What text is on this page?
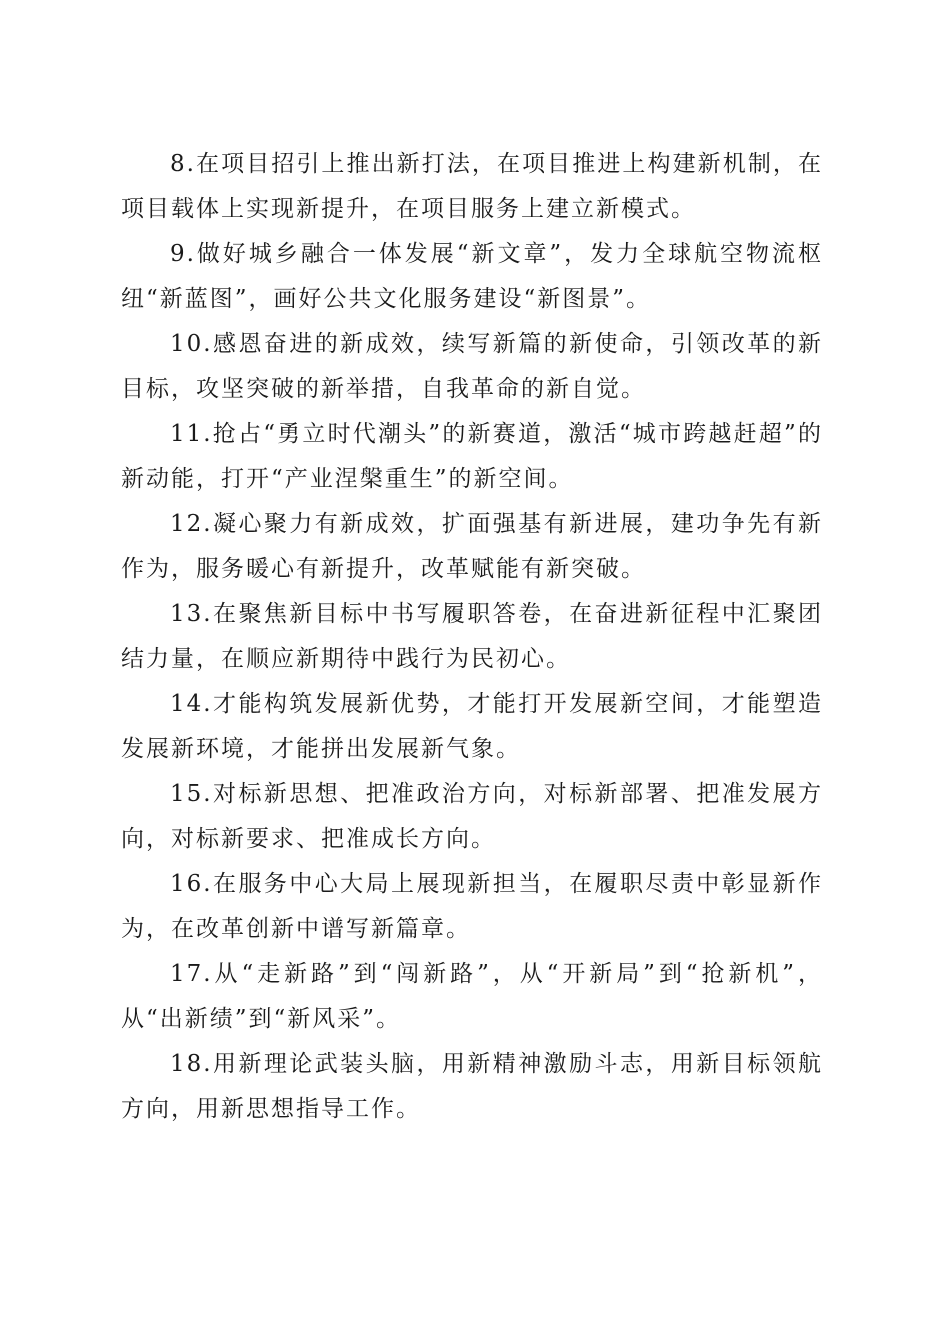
8.在项目招引上推出新打法，在项目推进上构建新机制，在项目载体上实现新提升，在项目服务上建立新模式。

9.做好城乡融合一体发展“新文章”，发力全球航空物流枢纽“新蓝图”，画好公共文化服务建设“新图景”。

10.感恩奋进的新成效，续写新篇的新使命，引领改革的新目标，攻坚突破的新举措，自我革命的新自觉。

11.抢占“勇立时代潮头”的新赛道，激活“城市跨越赶超”的新动能，打开“产业涅槃重生”的新空间。

12.凝心聚力有新成效，扩面强基有新进展，建功争先有新作为，服务暖心有新提升，改革赋能有新突破。

13.在聚焦新目标中书写履职答卷，在奋进新征程中汇聚团结力量，在顺应新期待中践行为民初心。

14.才能构筑发展新优势，才能打开发展新空间，才能塑造发展新环境，才能拼出发展新气象。

15.对标新思想、把准政治方向，对标新部署、把准发展方向，对标新要求、把准成长方向。

16.在服务中心大局上展现新担当，在履职尽责中彰显新作为，在改革创新中谱写新篇章。

17.从“走新路”到“闯新路”，从“开新局”到“抢新机”，从“出新绩”到“新风采”。

18.用新理论武装头脑，用新精神激励斗志，用新目标领航方向，用新思想指导工作。
